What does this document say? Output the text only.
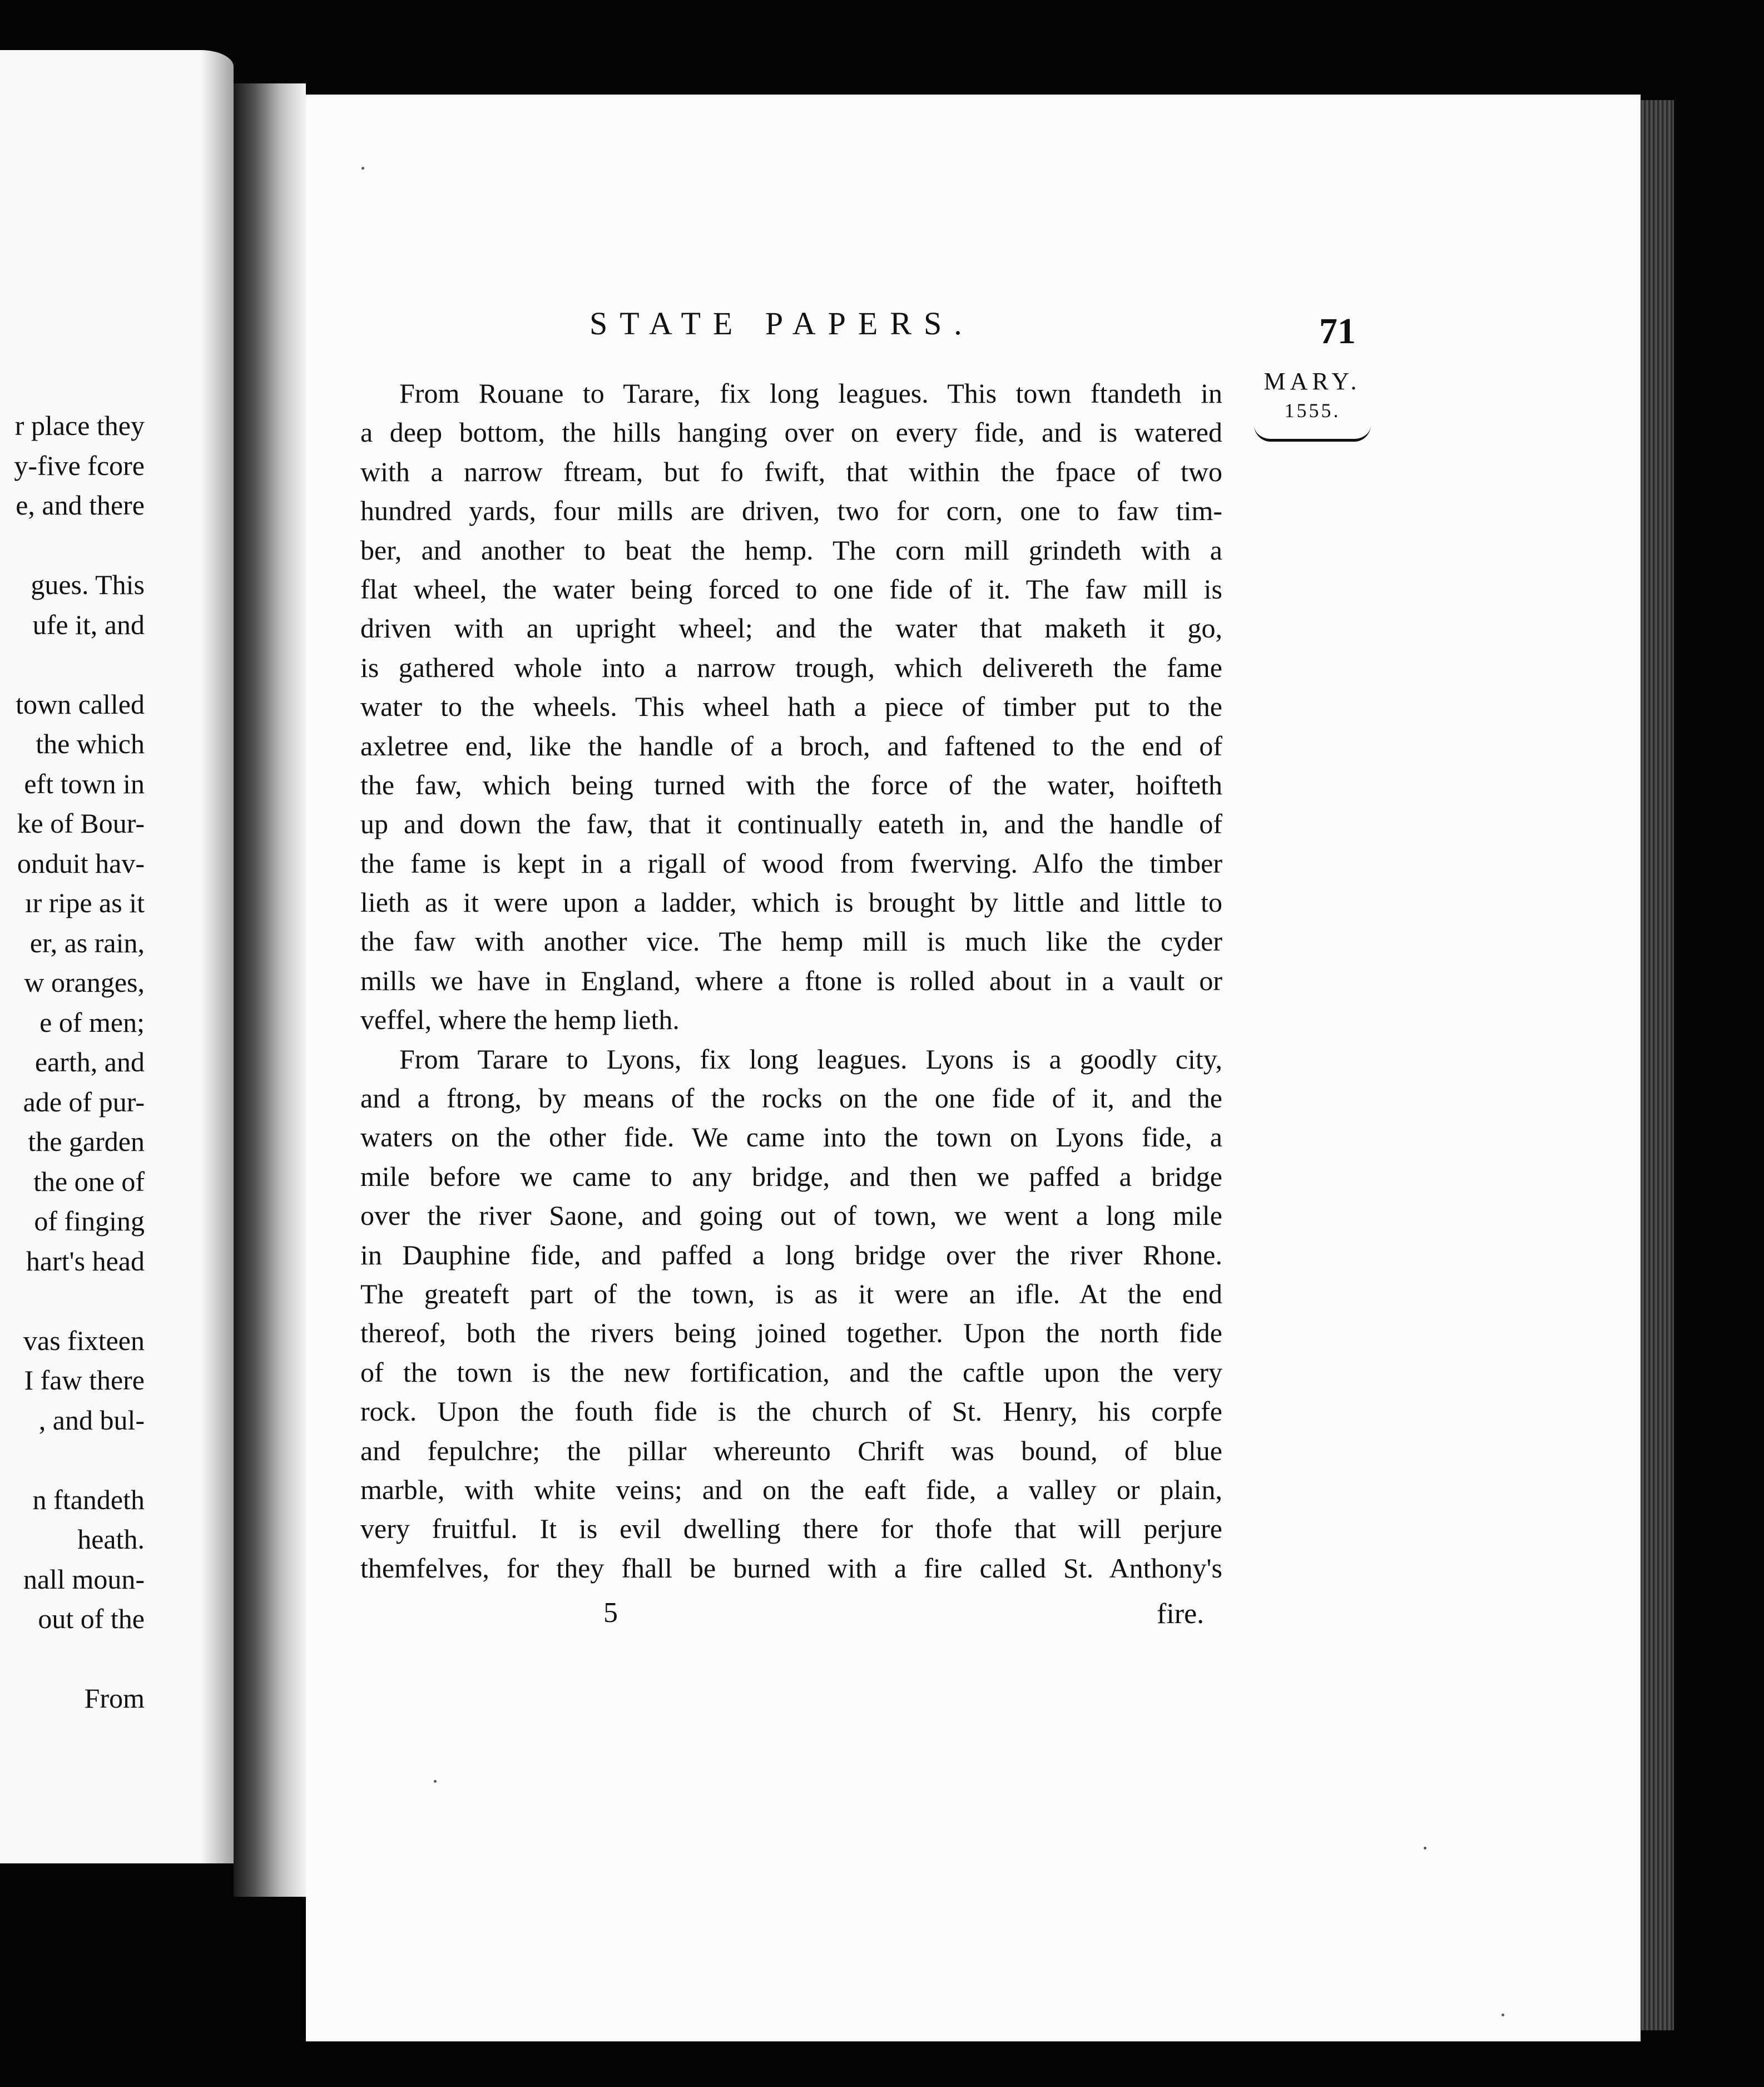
r place they
y-five fcore
e, and there
gues. This
ufe it, and
town called
the which
eft town in
ke of Bour-
onduit hav-
ır ripe as it
er, as rain,
w oranges,
e of men;
earth, and
ade of pur-
the garden
the one of
of finging
hart's head
vas fixteen
I faw there
, and bul-
n ftandeth
heath.
nall moun-
out of the
From
STATE PAPERS.	71
MARY.
1555.
From Rouane to Tarare, fix long leagues. This town ftandeth in
a deep bottom, the hills hanging over on every fide, and is watered
with a narrow ftream, but fo fwift, that within the fpace of two
hundred yards, four mills are driven, two for corn, one to faw tim-
ber, and another to beat the hemp. The corn mill grindeth with a
flat wheel, the water being forced to one fide of it. The faw mill is
driven with an upright wheel; and the water that maketh it go,
is gathered whole into a narrow trough, which delivereth the fame
water to the wheels. This wheel hath a piece of timber put to the
axletree end, like the handle of a broch, and faftened to the end of
the faw, which being turned with the force of the water, hoifteth
up and down the faw, that it continually eateth in, and the handle of
the fame is kept in a rigall of wood from fwerving. Alfo the timber
lieth as it were upon a ladder, which is brought by little and little to
the faw with another vice. The hemp mill is much like the cyder
mills we have in England, where a ftone is rolled about in a vault or
veffel, where the hemp lieth.
From Tarare to Lyons, fix long leagues. Lyons is a goodly city,
and a ftrong, by means of the rocks on the one fide of it, and the
waters on the other fide. We came into the town on Lyons fide, a
mile before we came to any bridge, and then we paffed a bridge
over the river Saone, and going out of town, we went a long mile
in Dauphine fide, and paffed a long bridge over the river Rhone.
The greateft part of the town, is as it were an ifle. At the end
thereof, both the rivers being joined together. Upon the north fide
of the town is the new fortification, and the caftle upon the very
rock. Upon the fouth fide is the church of St. Henry, his corpfe
and fepulchre; the pillar whereunto Chrift was bound, of blue
marble, with white veins; and on the eaft fide, a valley or plain,
very fruitful. It is evil dwelling there for thofe that will perjure
themfelves, for they fhall be burned with a fire called St. Anthony's
5	fire.
